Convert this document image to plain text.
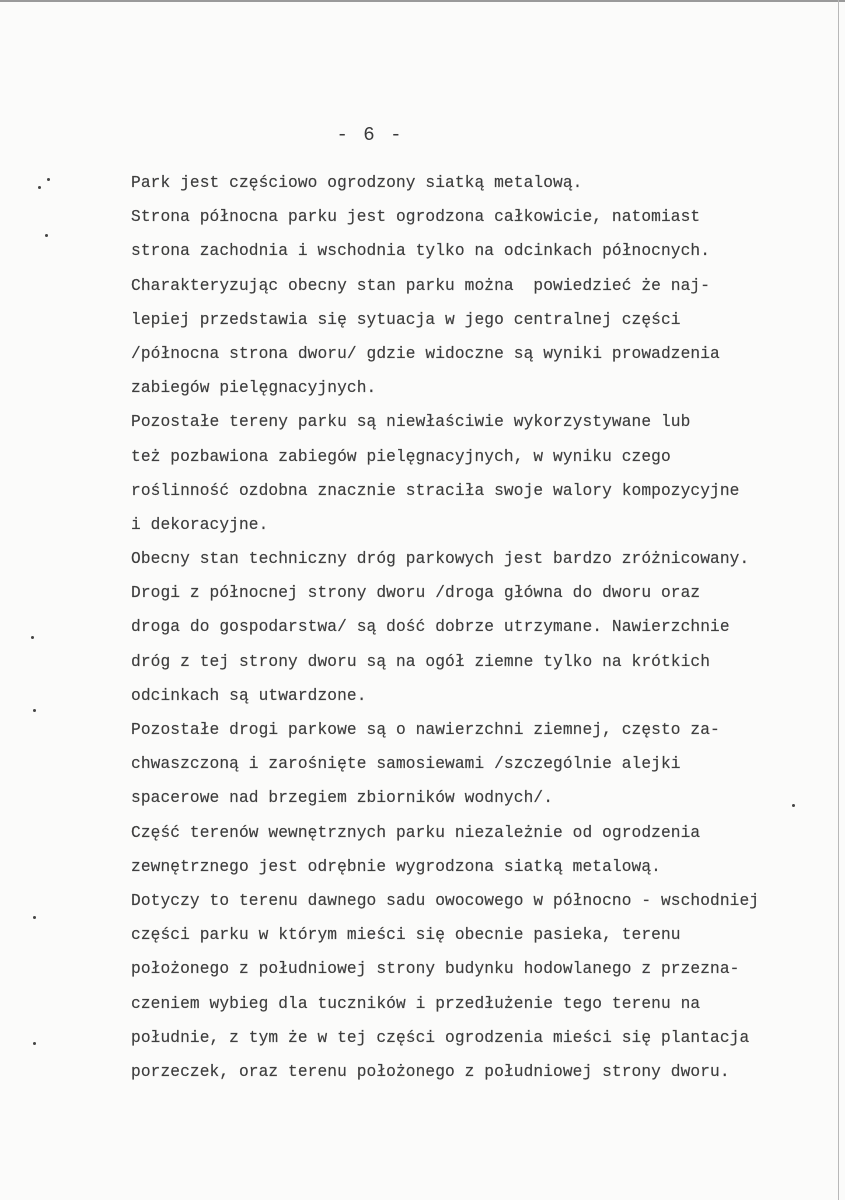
- 6 -
Park jest częściowo ogrodzony siatką metalową.
Strona północna parku jest ogrodzona całkowicie, natomiast
strona zachodnia i wschodnia tylko na odcinkach północnych.
Charakteryzując obecny stan parku można  powiedzieć że naj-
lepiej przedstawia się sytuacja w jego centralnej części
/północna strona dworu/ gdzie widoczne są wyniki prowadzenia
zabiegów pielęgnacyjnych.
Pozostałe tereny parku są niewłaściwie wykorzystywane lub
też pozbawiona zabiegów pielęgnacyjnych, w wyniku czego
roślinność ozdobna znacznie straciła swoje walory kompozycyjne
i dekoracyjne.
Obecny stan techniczny dróg parkowych jest bardzo zróżnicowany.
Drogi z północnej strony dworu /droga główna do dworu oraz
droga do gospodarstwa/ są dość dobrze utrzymane. Nawierzchnie
dróg z tej strony dworu są na ogół ziemne tylko na krótkich
odcinkach są utwardzone.
Pozostałe drogi parkowe są o nawierzchni ziemnej, często za-
chwaszczoną i zarośnięte samosiewami /szczególnie alejki
spacerowe nad brzegiem zbiorników wodnych/.
Część terenów wewnętrznych parku niezależnie od ogrodzenia
zewnętrznego jest odrębnie wygrodzona siatką metalową.
Dotyczy to terenu dawnego sadu owocowego w północno - wschodniej
części parku w którym mieści się obecnie pasieka, terenu
położonego z południowej strony budynku hodowlanego z przezna-
czeniem wybieg dla tuczników i przedłużenie tego terenu na
południe, z tym że w tej części ogrodzenia mieści się plantacja
porzeczek, oraz terenu położonego z południowej strony dworu.
